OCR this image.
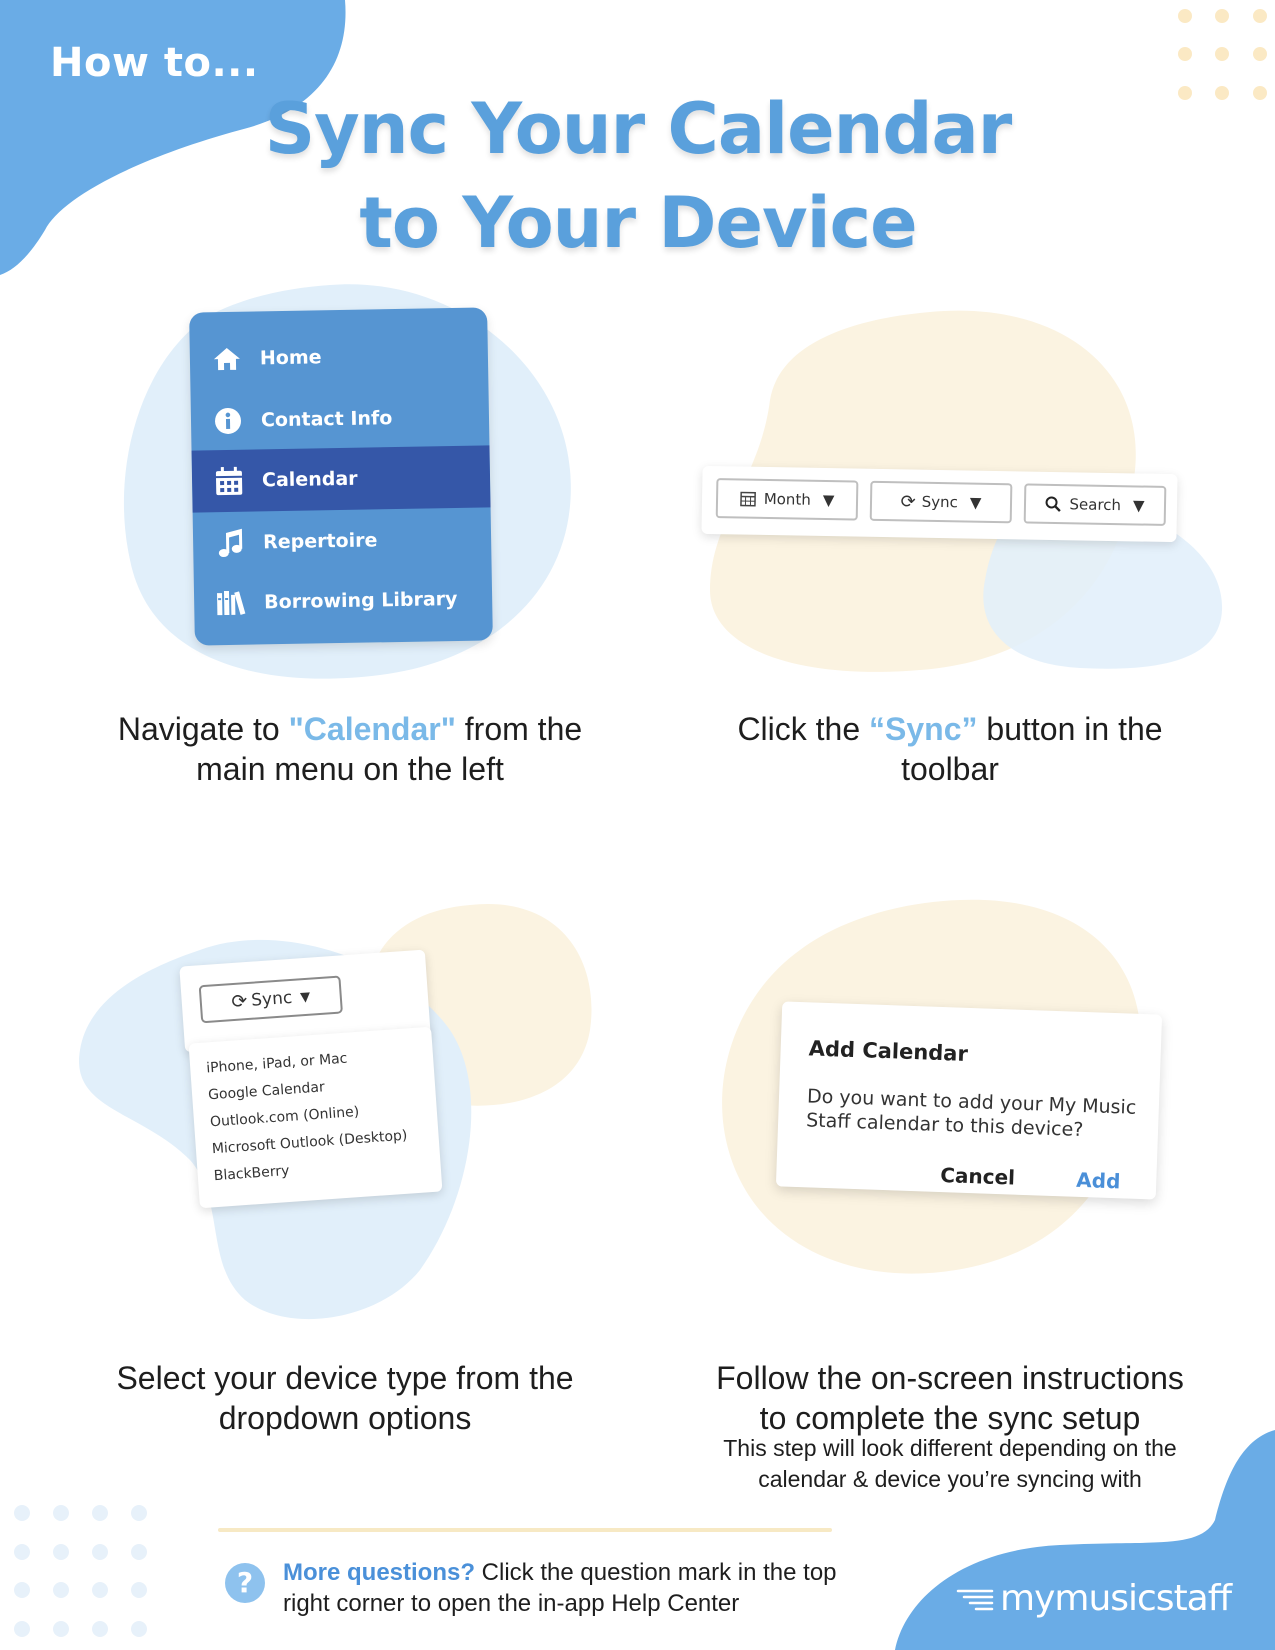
How to...
Sync Your Calendar
to Your Device
Home
Contact Info
Calendar
Repertoire
Borrowing Library
Navigate to "Calendar" from the main menu on the left
Month ▼	⟳ Sync ▼	Search ▼
Click the “Sync” button in the toolbar
⟳ Sync ▼
iPhone, iPad, or Mac
Google Calendar
Outlook.com (Online)
Microsoft Outlook (Desktop)
BlackBerry
Select your device type from the dropdown options
Add Calendar
Do you want to add your My Music Staff calendar to this device?
Cancel	Add
Follow the on-screen instructions to complete the sync setup
This step will look different depending on the calendar & device you’re syncing with
?	More questions? Click the question mark in the top right corner to open the in-app Help Center	mymusicstaff
